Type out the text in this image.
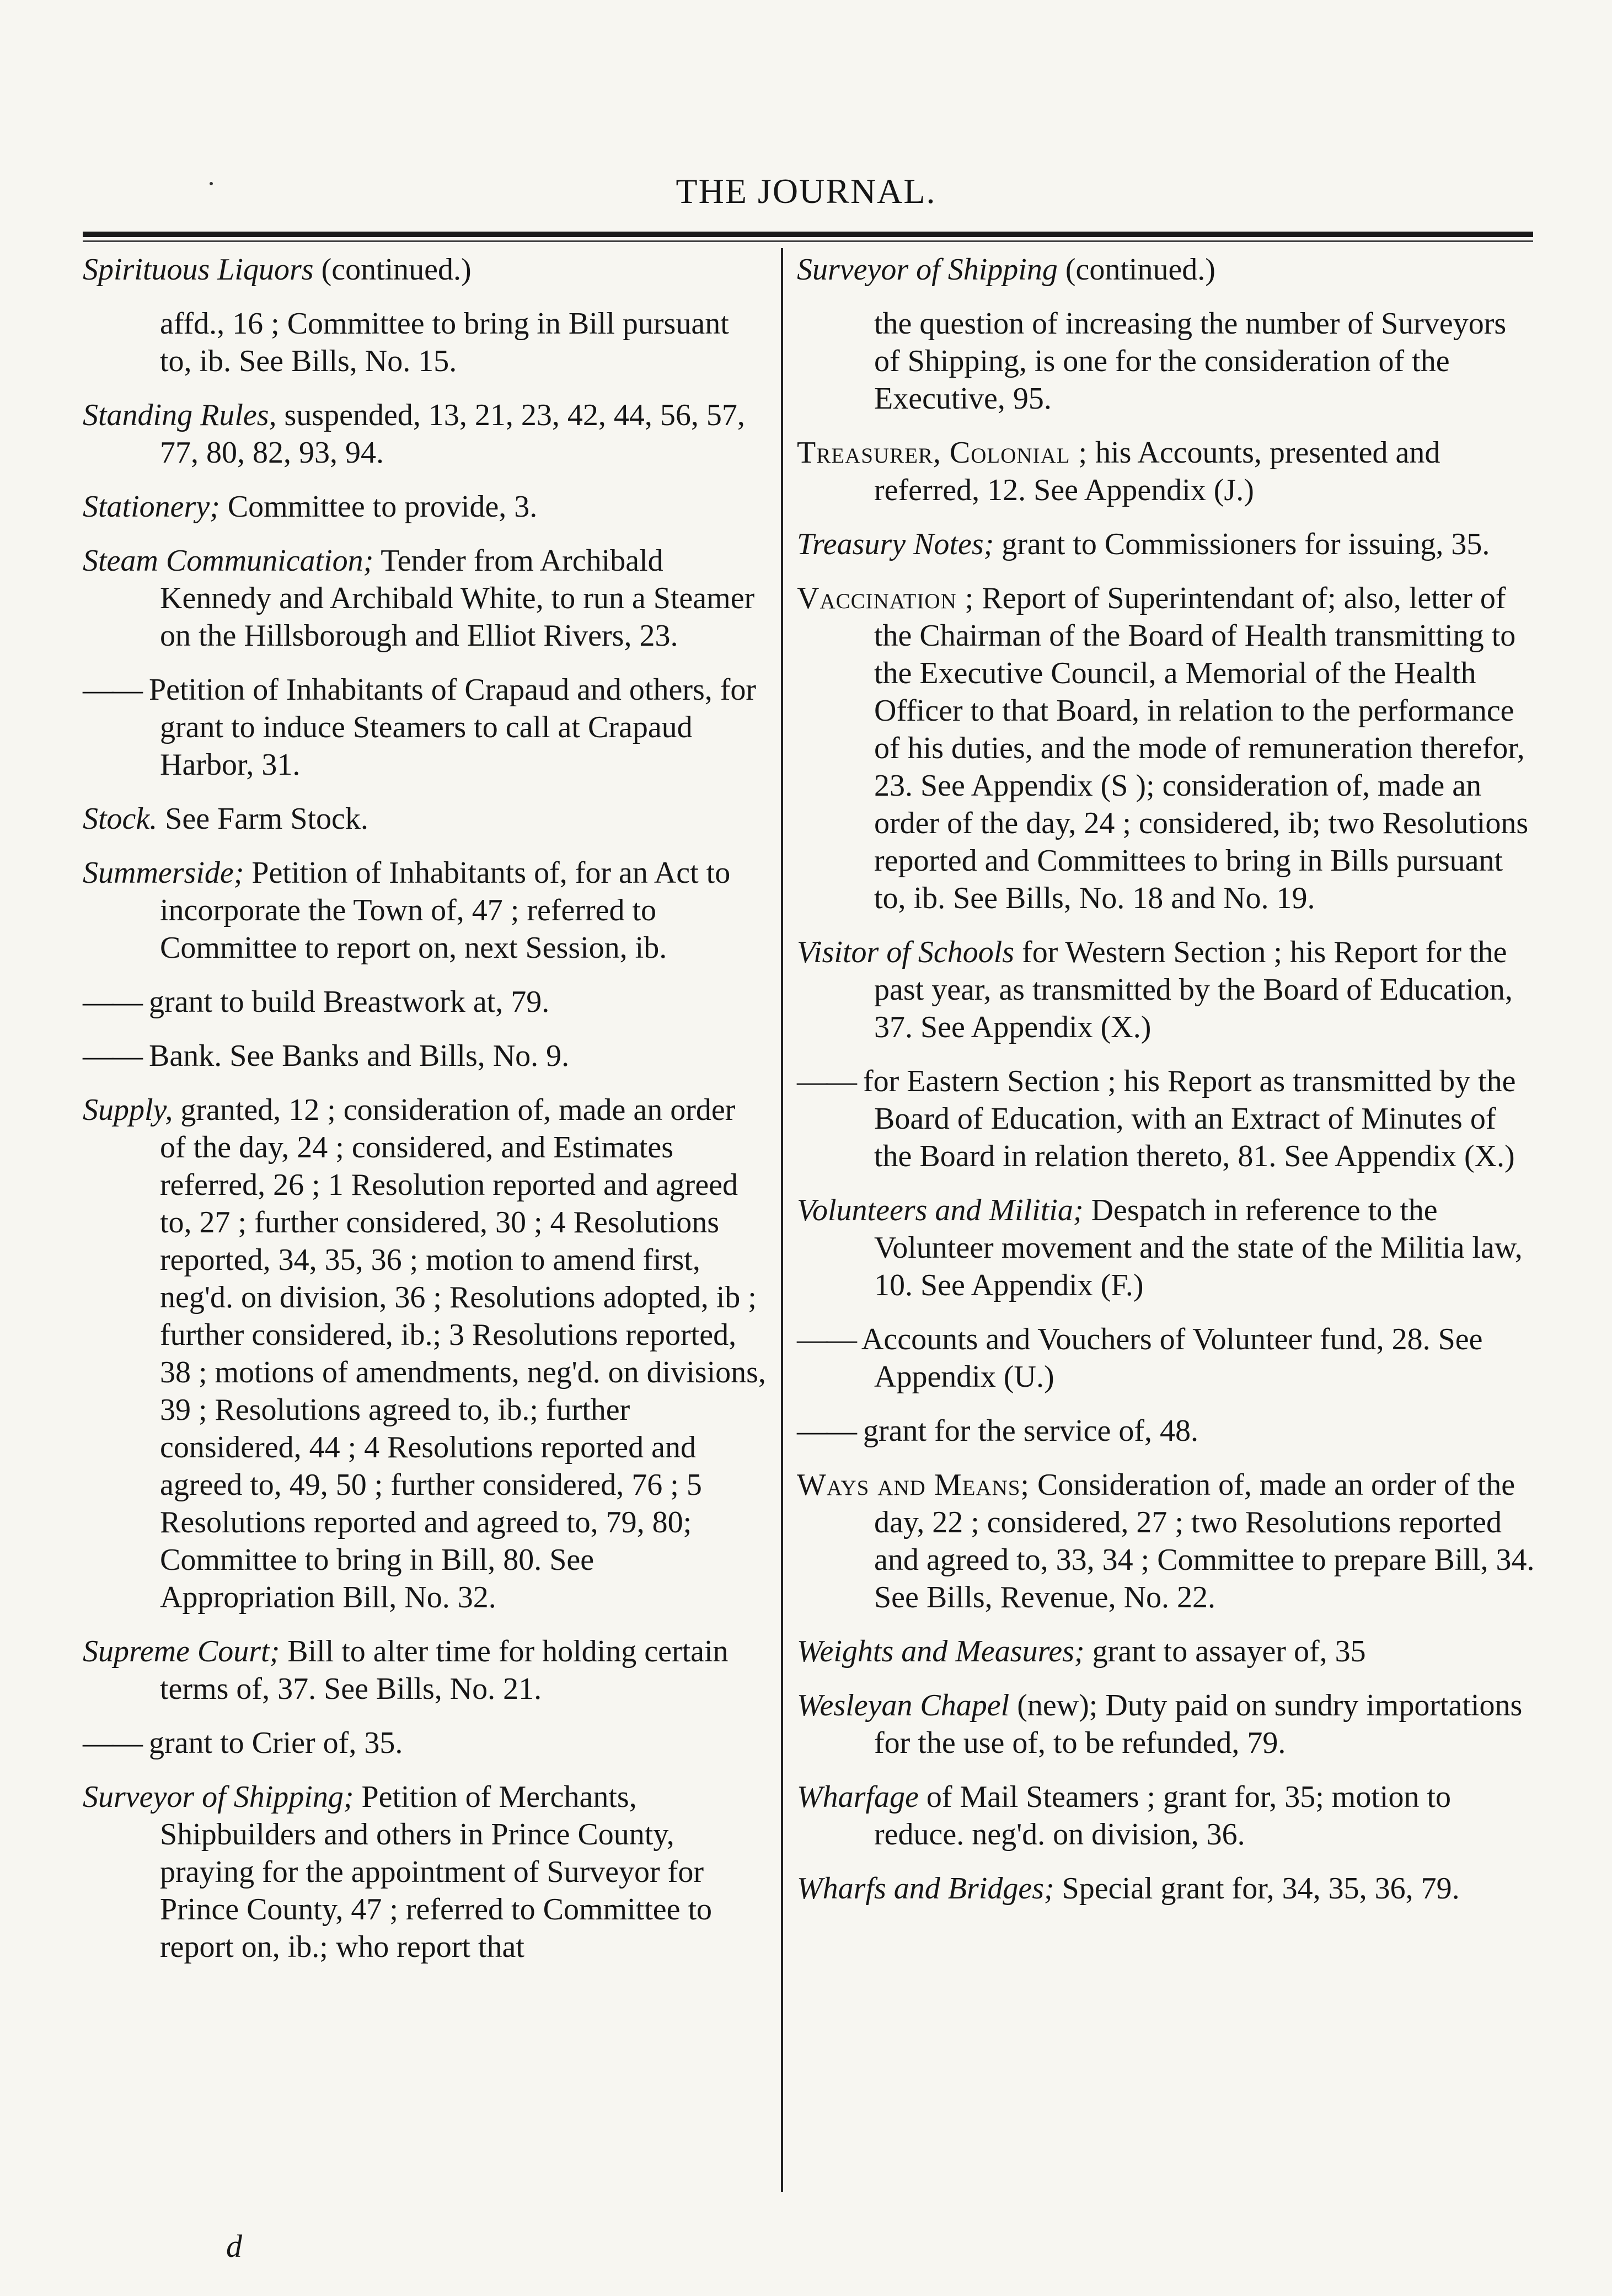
THE JOURNAL.

Spirituous Liquors (continued.)

affd., 16 ; Committee to bring in Bill pursuant to, ib. See Bills, No. 15.

Standing Rules, suspended, 13, 21, 23, 42, 44, 56, 57, 77, 80, 82, 93, 94.

Stationery; Committee to provide, 3.

Steam Communication; Tender from Archibald Kennedy and Archibald White, to run a Steamer on the Hillsborough and Elliot Rivers, 23.

—— Petition of Inhabitants of Crapaud and others, for grant to induce Steamers to call at Crapaud Harbor, 31.

Stock. See Farm Stock.

Summerside; Petition of Inhabitants of, for an Act to incorporate the Town of, 47 ; referred to Committee to report on, next Session, ib.

—— grant to build Breastwork at, 79.

—— Bank. See Banks and Bills, No. 9.

Supply, granted, 12 ; consideration of, made an order of the day, 24 ; considered, and Estimates referred, 26 ; 1 Resolution reported and agreed to, 27 ; further considered, 30 ; 4 Resolutions reported, 34, 35, 36 ; motion to amend first, neg'd. on division, 36 ; Resolutions adopted, ib ; further considered, ib.; 3 Resolutions reported, 38 ; motions of amendments, neg'd. on divisions, 39 ; Resolutions agreed to, ib.; further considered, 44 ; 4 Resolutions reported and agreed to, 49, 50 ; further considered, 76 ; 5 Resolutions reported and agreed to, 79, 80; Committee to bring in Bill, 80. See Appropriation Bill, No. 32.

Supreme Court; Bill to alter time for holding certain terms of, 37. See Bills, No. 21.

—— grant to Crier of, 35.

Surveyor of Shipping; Petition of Merchants, Shipbuilders and others in Prince County, praying for the appointment of Surveyor for Prince County, 47 ; referred to Committee to report on, ib.; who report that

Surveyor of Shipping (continued.)

the question of increasing the number of Surveyors of Shipping, is one for the consideration of the Executive, 95.

Treasurer, Colonial ; his Accounts, presented and referred, 12. See Appendix (J.)

Treasury Notes; grant to Commissioners for issuing, 35.

Vaccination ; Report of Superintendant of; also, letter of the Chairman of the Board of Health transmitting to the Executive Council, a Memorial of the Health Officer to that Board, in relation to the performance of his duties, and the mode of remuneration therefor, 23. See Appendix (S ); consideration of, made an order of the day, 24 ; considered, ib; two Resolutions reported and Committees to bring in Bills pursuant to, ib. See Bills, No. 18 and No. 19.

Visitor of Schools for Western Section ; his Report for the past year, as transmitted by the Board of Education, 37. See Appendix (X.)

—— for Eastern Section ; his Report as transmitted by the Board of Education, with an Extract of Minutes of the Board in relation thereto, 81. See Appendix (X.)

Volunteers and Militia; Despatch in reference to the Volunteer movement and the state of the Militia law, 10. See Appendix (F.)

—— Accounts and Vouchers of Volunteer fund, 28. See Appendix (U.)

—— grant for the service of, 48.

Ways and Means; Consideration of, made an order of the day, 22 ; considered, 27 ; two Resolutions reported and agreed to, 33, 34 ; Committee to prepare Bill, 34. See Bills, Revenue, No. 22.

Weights and Measures; grant to assayer of, 35

Wesleyan Chapel (new); Duty paid on sundry importations for the use of, to be refunded, 79.

Wharfage of Mail Steamers ; grant for, 35; motion to reduce. neg'd. on division, 36.

Wharfs and Bridges; Special grant for, 34, 35, 36, 79.

d
